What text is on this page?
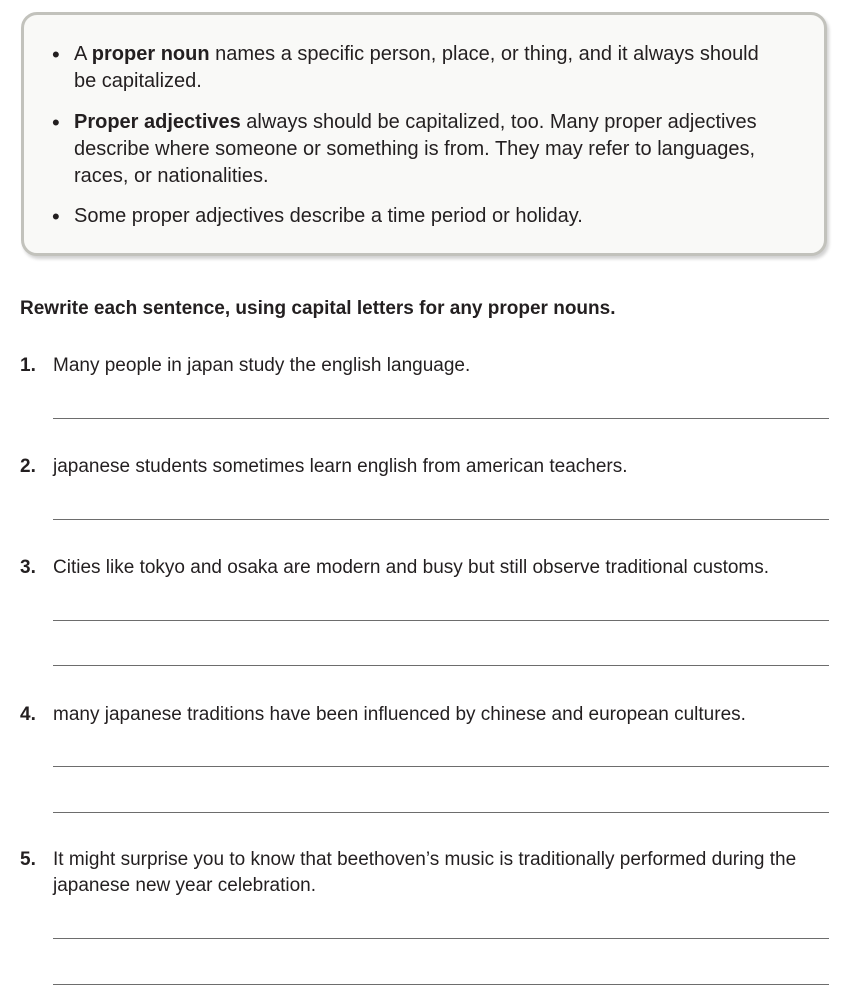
• A proper noun names a specific person, place, or thing, and it always should be capitalized.
• Proper adjectives always should be capitalized, too. Many proper adjectives describe where someone or something is from. They may refer to languages, races, or nationalities.
• Some proper adjectives describe a time period or holiday.
Rewrite each sentence, using capital letters for any proper nouns.
1. Many people in japan study the english language.
2. japanese students sometimes learn english from american teachers.
3. Cities like tokyo and osaka are modern and busy but still observe traditional customs.
4. many japanese traditions have been influenced by chinese and european cultures.
5. It might surprise you to know that beethoven’s music is traditionally performed during the japanese new year celebration.
